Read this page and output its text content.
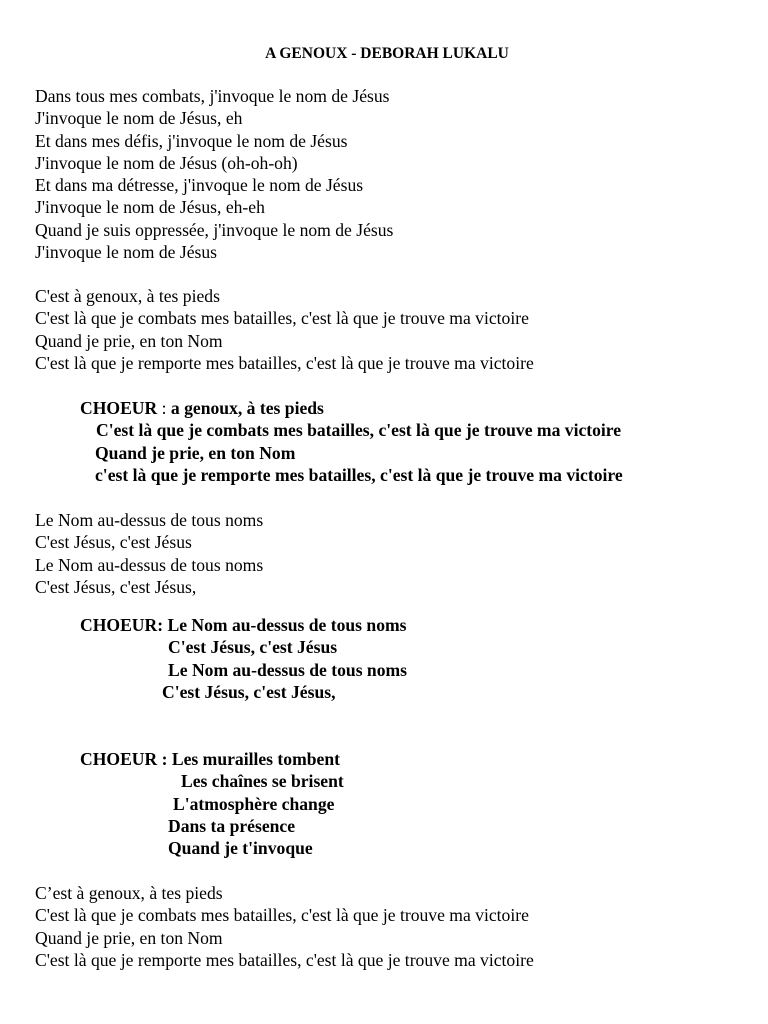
A GENOUX - DEBORAH LUKALU
Dans tous mes combats, j'invoque le nom de Jésus
J'invoque le nom de Jésus, eh
Et dans mes défis, j'invoque le nom de Jésus
J'invoque le nom de Jésus (oh-oh-oh)
Et dans ma détresse, j'invoque le nom de Jésus
J'invoque le nom de Jésus, eh-eh
Quand je suis oppressée, j'invoque le nom de Jésus
J'invoque le nom de Jésus
C'est à genoux, à tes pieds
C'est là que je combats mes batailles, c'est là que je trouve ma victoire
Quand je prie, en ton Nom
C'est là que je remporte mes batailles, c'est là que je trouve ma victoire
CHOEUR : a genoux, à tes pieds
C'est là que je combats mes batailles, c'est là que je trouve ma victoire
Quand je prie, en ton Nom
c'est là que je remporte mes batailles, c'est là que je trouve ma victoire
Le Nom au-dessus de tous noms
C'est Jésus, c'est Jésus
Le Nom au-dessus de tous noms
C'est Jésus, c'est Jésus,
CHOEUR: Le Nom au-dessus de tous noms
C'est Jésus, c'est Jésus
Le Nom au-dessus de tous noms
C'est Jésus, c'est Jésus,
CHOEUR : Les murailles tombent
Les chaînes se brisent
L'atmosphère change
Dans ta présence
Quand je t'invoque
C’est à genoux, à tes pieds
C'est là que je combats mes batailles, c'est là que je trouve ma victoire
Quand je prie, en ton Nom
C'est là que je remporte mes batailles, c'est là que je trouve ma victoire
